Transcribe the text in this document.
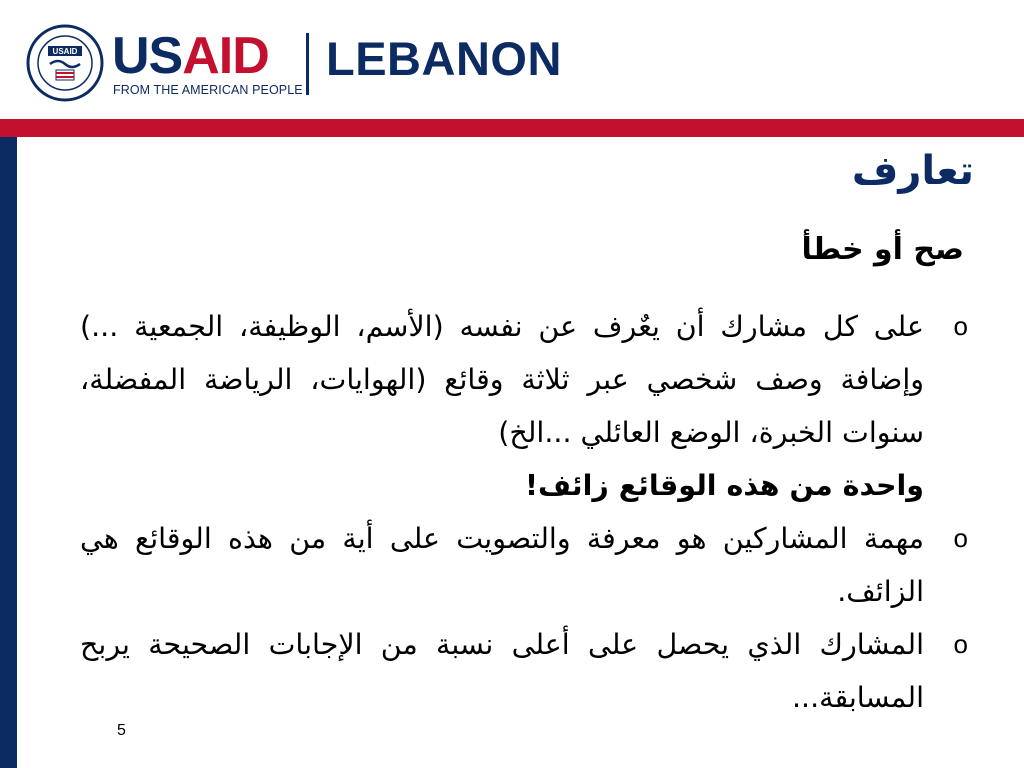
USAID USAID
FROM THE AMERICAN PEOPLE
LEBANON
تعارف
صح أو خطأ
o
على كل مشارك أن يعٌرف عن نفسه (الأسم، الوظيفة، الجمعية ...) وإضافة وصف شخصي عبر ثلاثة وقائع (الهوايات، الرياضة المفضلة، سنوات الخبرة، الوضع العائلي ...الخ)
واحدة من هذه الوقائع زائف!
o
مهمة المشاركين هو معرفة والتصويت على أية من هذه الوقائع هي الزائف.
o
المشارك الذي يحصل على أعلى نسبة من الإجابات الصحيحة يربح المسابقة...
5
